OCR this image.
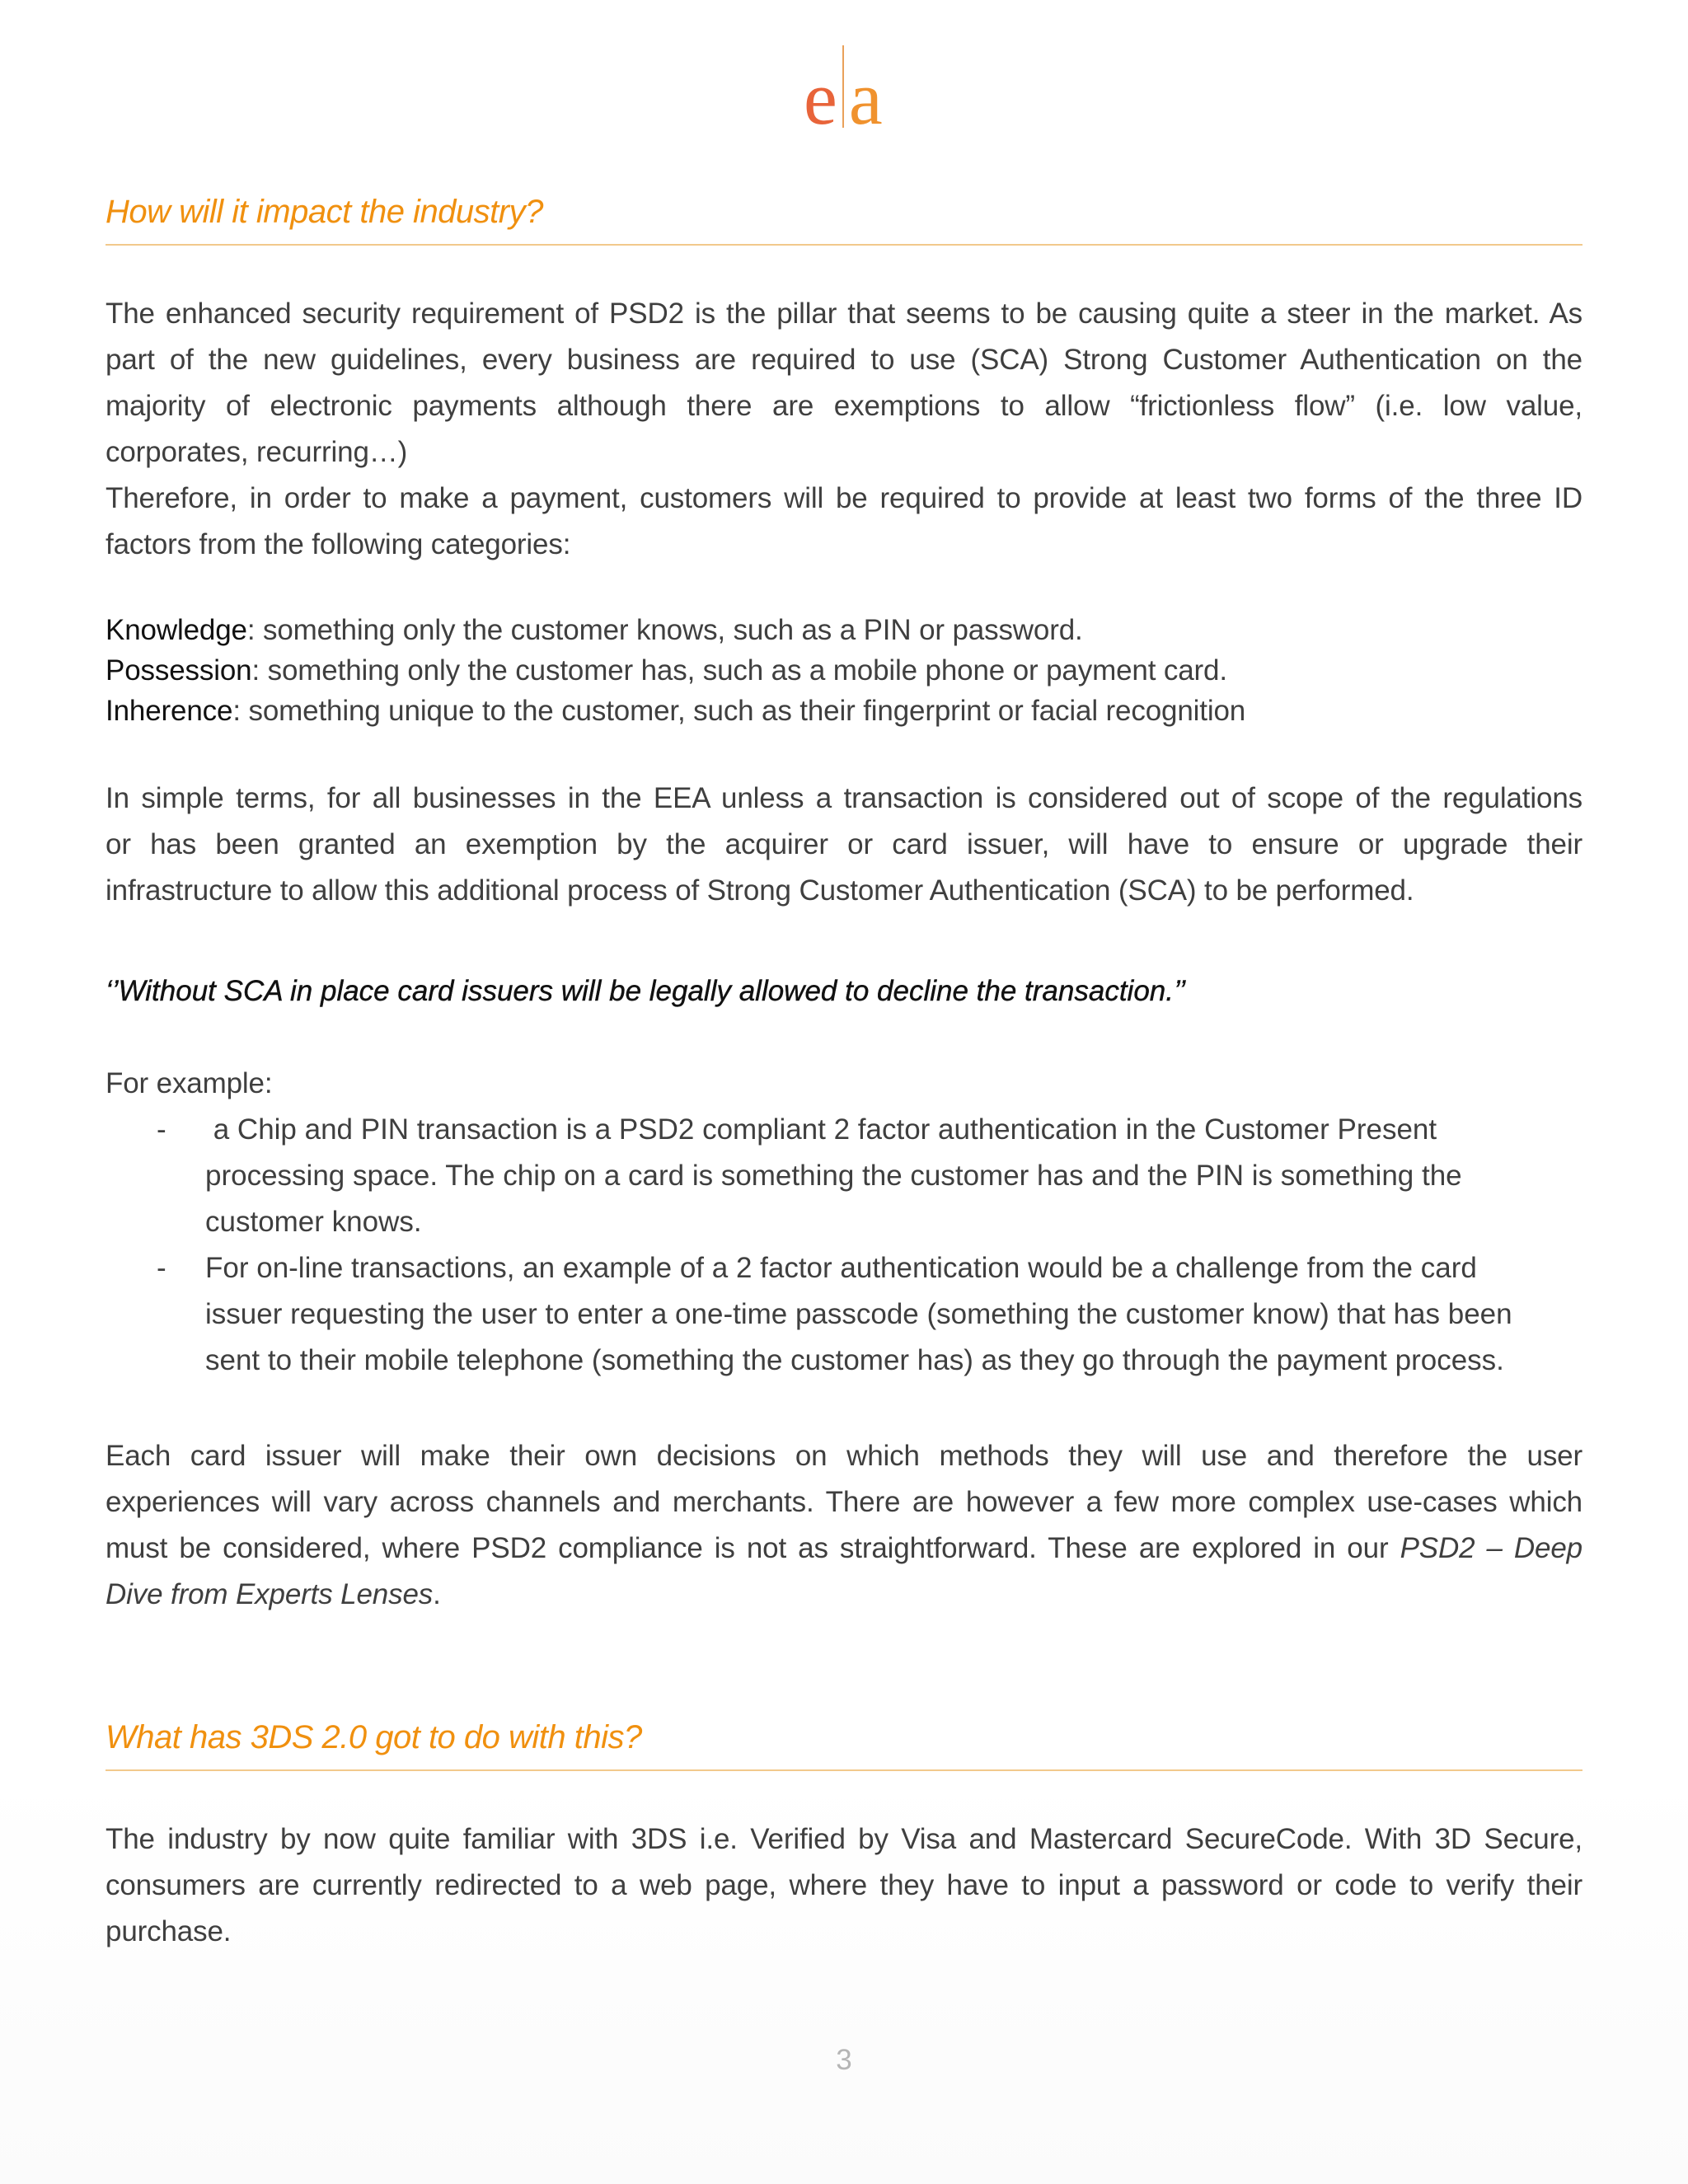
e a
How will it impact the industry?
The enhanced security requirement of PSD2 is the pillar that seems to be causing quite a steer in the market. As
part of the new guidelines, every business are required to use (SCA) Strong Customer Authentication on the
majority of electronic payments although there are exemptions to allow “frictionless flow” (i.e. low value,
corporates, recurring…)
Therefore, in order to make a payment, customers will be required to provide at least two forms of the three ID
factors from the following categories:
Knowledge: something only the customer knows, such as a PIN or password.
Possession: something only the customer has, such as a mobile phone or payment card.
Inherence: something unique to the customer, such as their fingerprint or facial recognition
In simple terms, for all businesses in the EEA unless a transaction is considered out of scope of the regulations
or has been granted an exemption by the acquirer or card issuer, will have to ensure or upgrade their
infrastructure to allow this additional process of Strong Customer Authentication (SCA) to be performed.
‘’Without SCA in place card issuers will be legally allowed to decline the transaction.’’
For example:
- a Chip and PIN transaction is a PSD2 compliant 2 factor authentication in the Customer Present
processing space. The chip on a card is something the customer has and the PIN is something the
customer knows.
- For on-line transactions, an example of a 2 factor authentication would be a challenge from the card
issuer requesting the user to enter a one-time passcode (something the customer know) that has been
sent to their mobile telephone (something the customer has) as they go through the payment process.
Each card issuer will make their own decisions on which methods they will use and therefore the user
experiences will vary across channels and merchants. There are however a few more complex use-cases which
must be considered, where PSD2 compliance is not as straightforward. These are explored in our PSD2 – Deep
Dive from Experts Lenses.
What has 3DS 2.0 got to do with this?
The industry by now quite familiar with 3DS i.e. Verified by Visa and Mastercard SecureCode. With 3D Secure,
consumers are currently redirected to a web page, where they have to input a password or code to verify their
purchase.
3
